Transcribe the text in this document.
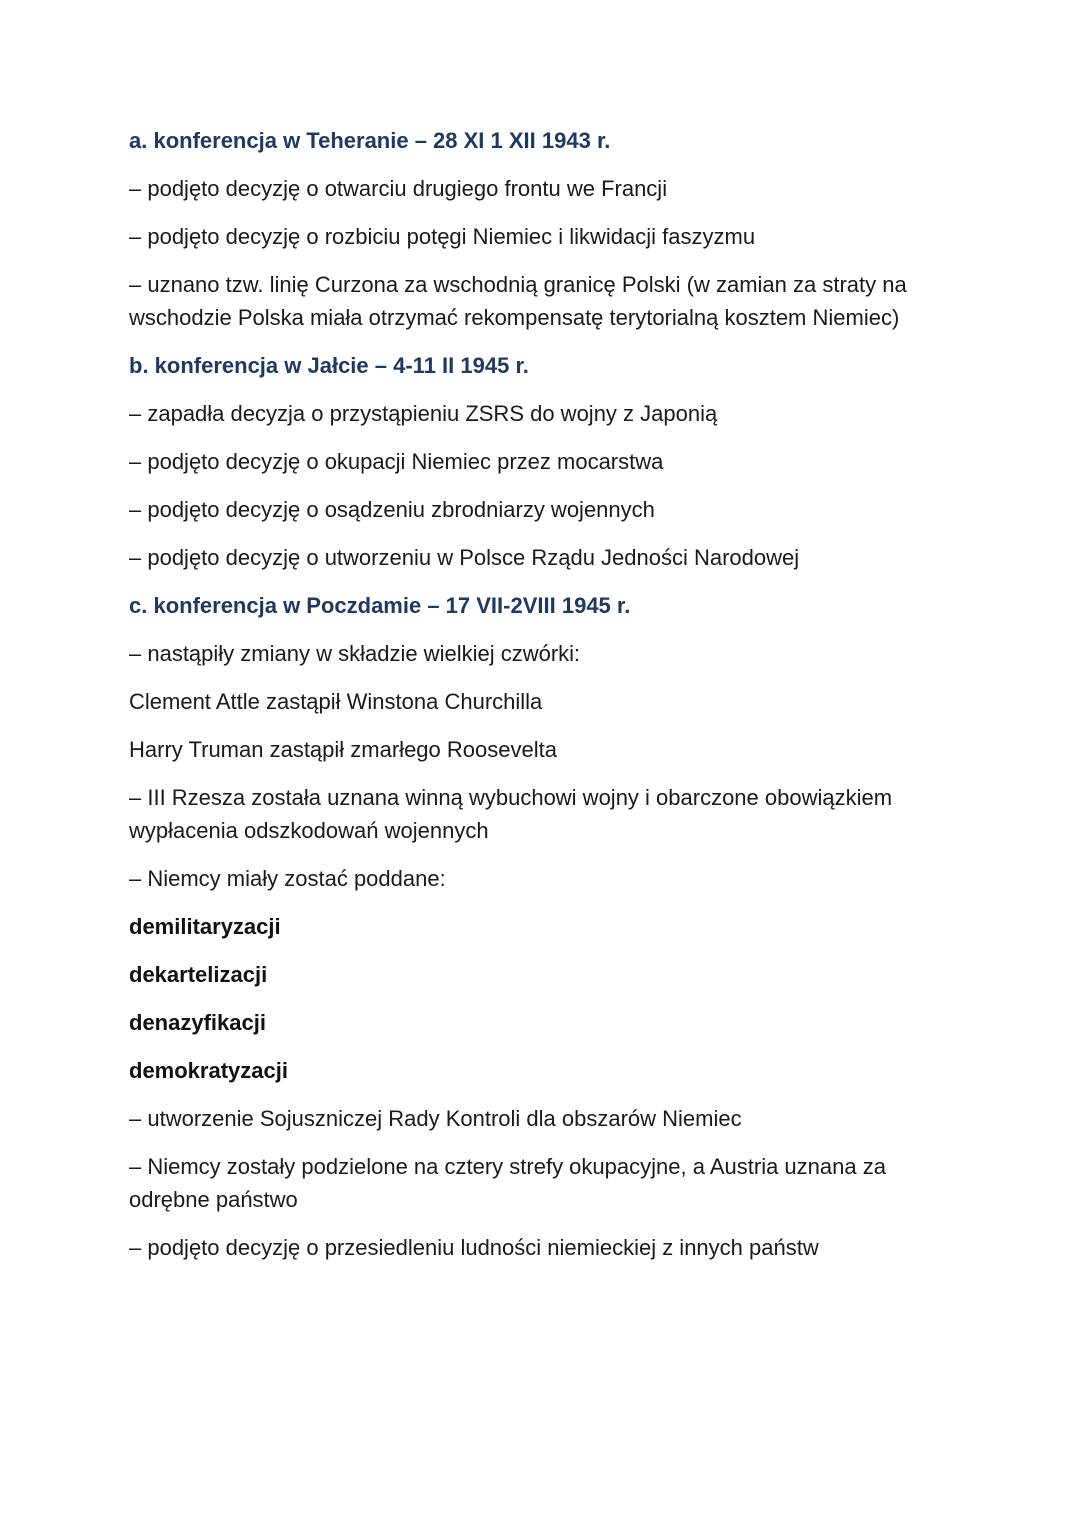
a. konferencja w Teheranie – 28 XI 1 XII 1943 r.

– podjęto decyzję o otwarciu drugiego frontu we Francji

– podjęto decyzję o rozbiciu potęgi Niemiec i likwidacji faszyzmu

– uznano tzw. linię Curzona za wschodnią granicę Polski (w zamian za straty na wschodzie Polska miała otrzymać rekompensatę terytorialną kosztem Niemiec)

b. konferencja w Jałcie – 4-11 II 1945 r.

– zapadła decyzja o przystąpieniu ZSRS do wojny z Japonią

– podjęto decyzję o okupacji Niemiec przez mocarstwa

– podjęto decyzję o osądzeniu zbrodniarzy wojennych

– podjęto decyzję o utworzeniu w Polsce Rządu Jedności Narodowej

c. konferencja w Poczdamie – 17 VII-2VIII 1945 r.

– nastąpiły zmiany w składzie wielkiej czwórki:

Clement Attle zastąpił Winstona Churchilla

Harry Truman zastąpił zmarłego Roosevelta

– III Rzesza została uznana winną wybuchowi wojny i obarczone obowiązkiem wypłacenia odszkodowań wojennych

– Niemcy miały zostać poddane:

demilitaryzacji

dekartelizacji

denazyfikacji

demokratyzacji

– utworzenie Sojuszniczej Rady Kontroli dla obszarów Niemiec

– Niemcy zostały podzielone na cztery strefy okupacyjne, a Austria uznana za odrębne państwo

– podjęto decyzję o przesiedleniu ludności niemieckiej z innych państw
